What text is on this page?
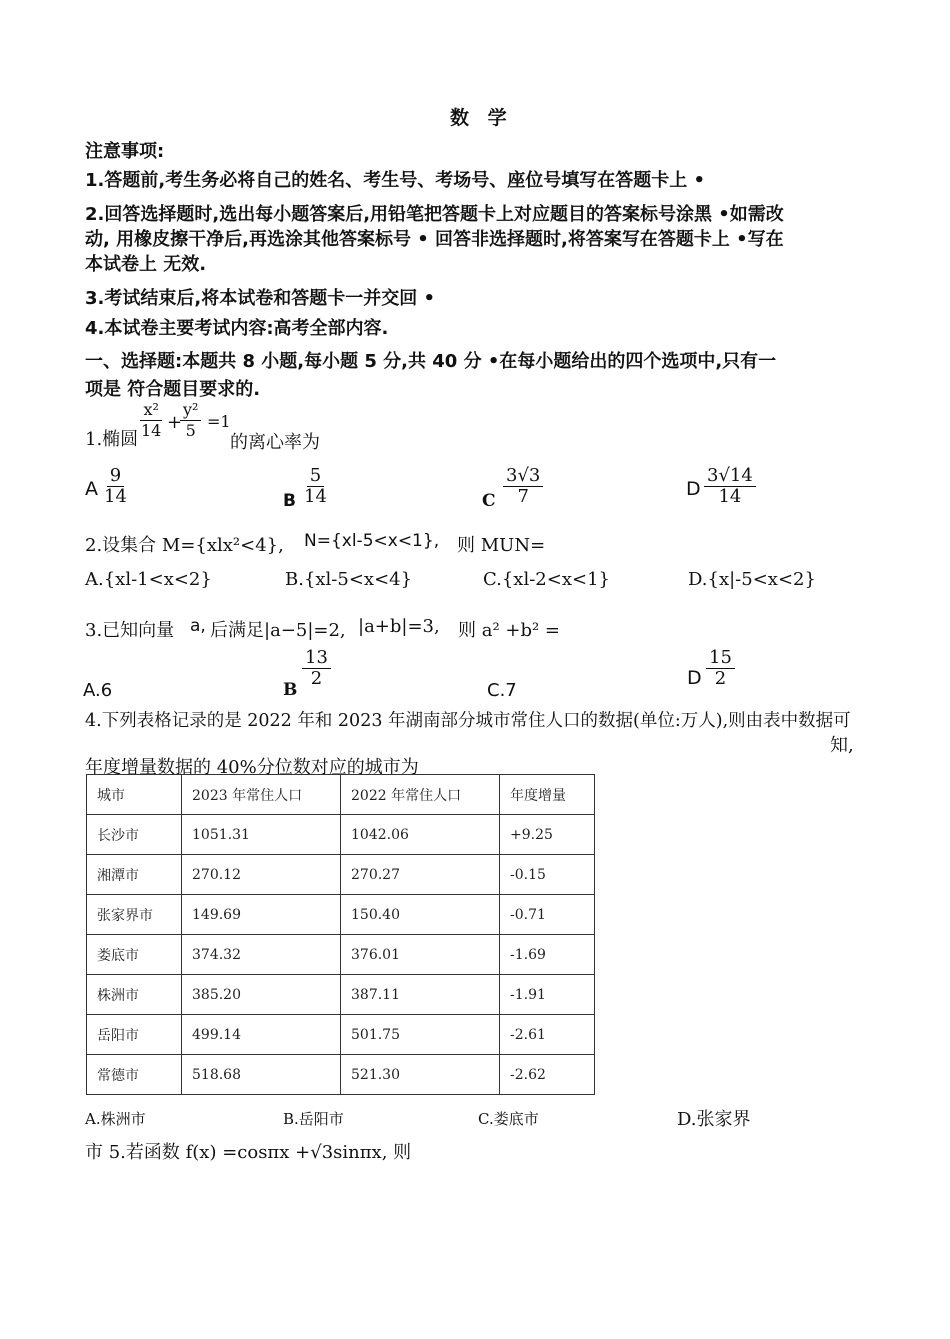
数 学
注意事项:
1.答题前,考生务必将自己的姓名、考生号、考场号、座位号填写在答题卡上 •
2.回答选择题时,选出每小题答案后,用铅笔把答题卡上对应题目的答案标号涂黑 •如需改
动, 用橡皮擦干净后,再选涂其他答案标号 • 回答非选择题时,将答案写在答题卡上 •写在
本试卷上 无效.
3.考试结束后,将本试卷和答题卡一并交回 •
4.本试卷主要考试内容:高考全部内容.
一、选择题:本题共 8 小题,每小题 5 分,共 40 分 •在每小题给出的四个选项中,只有一
项是 符合题目要求的.
1.椭圆 $\frac{\text{x²}}{14}$ +
$\frac{\text{y²}}{5} =1$
的离心率为
A $\frac{9}{14}$	B $\frac{5}{14}$	C $\frac{3√3}{7}$	D $\frac{3√14}{14}$
2.设集合 M={xlx²<4}, N={xl-5<x<1}, 则 MUN=
A.{xl-1<x<2}	B.{xl-5<x<4}	C.{xl-2<x<1}	D.{x|-5<x<2}
3.已知向量 a, 后满足|a−5|=2, |a+b|=3, 则 a² +b² =
A.6	B
$\frac{13}{2}$
C.7
D $\frac{15}{2}$
4.下列表格记录的是 2022 年和 2023 年湖南部分城市常住人口的数据(单位:万人),则由表中数据可
知,
年度增量数据的 40%分位数对应的城市为
城市	2023 年常住人口	2022 年常住人口	年度增量
长沙市	1051.31	1042.06	+9.25
湘潭市	270.12	270.27	-0.15
张家界市	149.69	150.40	-0.71
娄底市	374.32	376.01	-1.69
株洲市	385.20	387.11	-1.91
岳阳市	499.14	501.75	-2.61
常德市	518.68	521.30	-2.62
A.株洲市	B.岳阳市	C.娄底市	D.张家界
市 5.若函数 f(x) =cosπx +√3sinπx, 则
